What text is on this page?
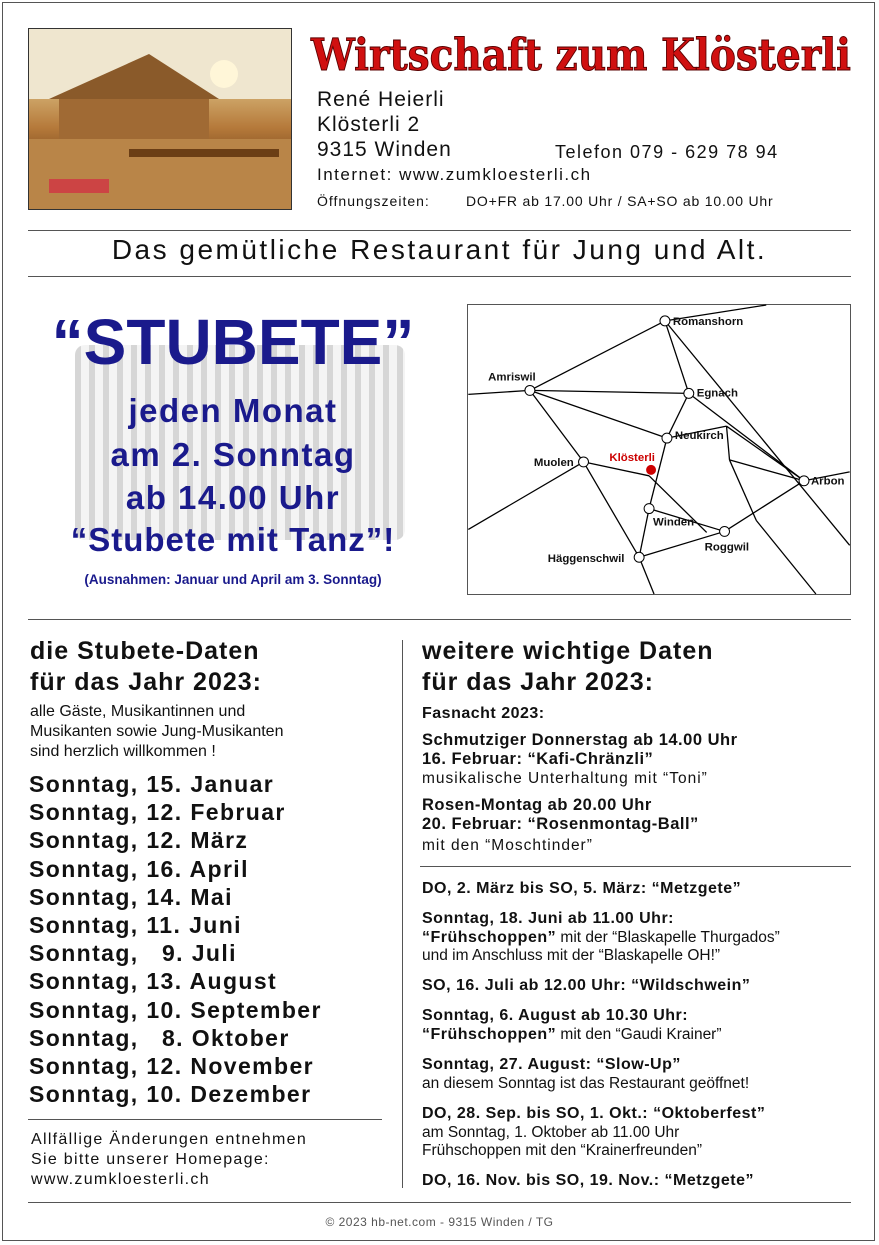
Wirtschaft zum Klösterli
René Heierli
Klösterli 2
9315 Winden	Telefon 079 - 629 78 94
Internet: www.zumkloesterli.ch
Öffnungszeiten:	DO+FR ab 17.00 Uhr / SA+SO ab 10.00 Uhr
Das gemütliche Restaurant für Jung und Alt.
“STUBETE”
jeden Monat
am 2. Sonntag
ab 14.00 Uhr
“Stubete mit Tanz”!
(Ausnahmen: Januar und April am 3. Sonntag)
Romanshorn
Amriswil
Egnach
Neukirch
Klösterli
Muolen
Arbon
Winden
Roggwil
Häggenschwil
die Stubete-Daten
für das Jahr 2023:
alle Gäste, Musikantinnen und
Musikanten sowie Jung-Musikanten
sind herzlich willkommen !
Sonntag, 15. Januar
Sonntag, 12. Februar
Sonntag, 12. März
Sonntag, 16. April
Sonntag, 14. Mai
Sonntag, 11. Juni
Sonntag,   9. Juli
Sonntag, 13. August
Sonntag, 10. September
Sonntag,   8. Oktober
Sonntag, 12. November
Sonntag, 10. Dezember
Allfällige Änderungen entnehmen
Sie bitte unserer Homepage:
www.zumkloesterli.ch
weitere wichtige Daten
für das Jahr 2023:
Fasnacht 2023:
Schmutziger Donnerstag ab 14.00 Uhr
16. Februar: “Kafi-Chränzli”
musikalische Unterhaltung mit “Toni”
Rosen-Montag ab 20.00 Uhr
20. Februar: “Rosenmontag-Ball”
mit den “Moschtinder”
DO, 2. März bis SO, 5. März: “Metzgete”
Sonntag, 18. Juni ab 11.00 Uhr:
“Frühschoppen” mit der “Blaskapelle Thurgados”
und im Anschluss mit der “Blaskapelle OH!”
SO, 16. Juli ab 12.00 Uhr: “Wildschwein”
Sonntag, 6. August ab 10.30 Uhr:
“Frühschoppen” mit den “Gaudi Krainer”
Sonntag, 27. August: “Slow-Up”
an diesem Sonntag ist das Restaurant geöffnet!
DO, 28. Sep. bis SO, 1. Okt.: “Oktoberfest”
am Sonntag, 1. Oktober ab 11.00 Uhr
Frühschoppen mit den “Krainerfreunden”
DO, 16. Nov. bis SO, 19. Nov.: “Metzgete”
© 2023 hb-net.com - 9315 Winden / TG
